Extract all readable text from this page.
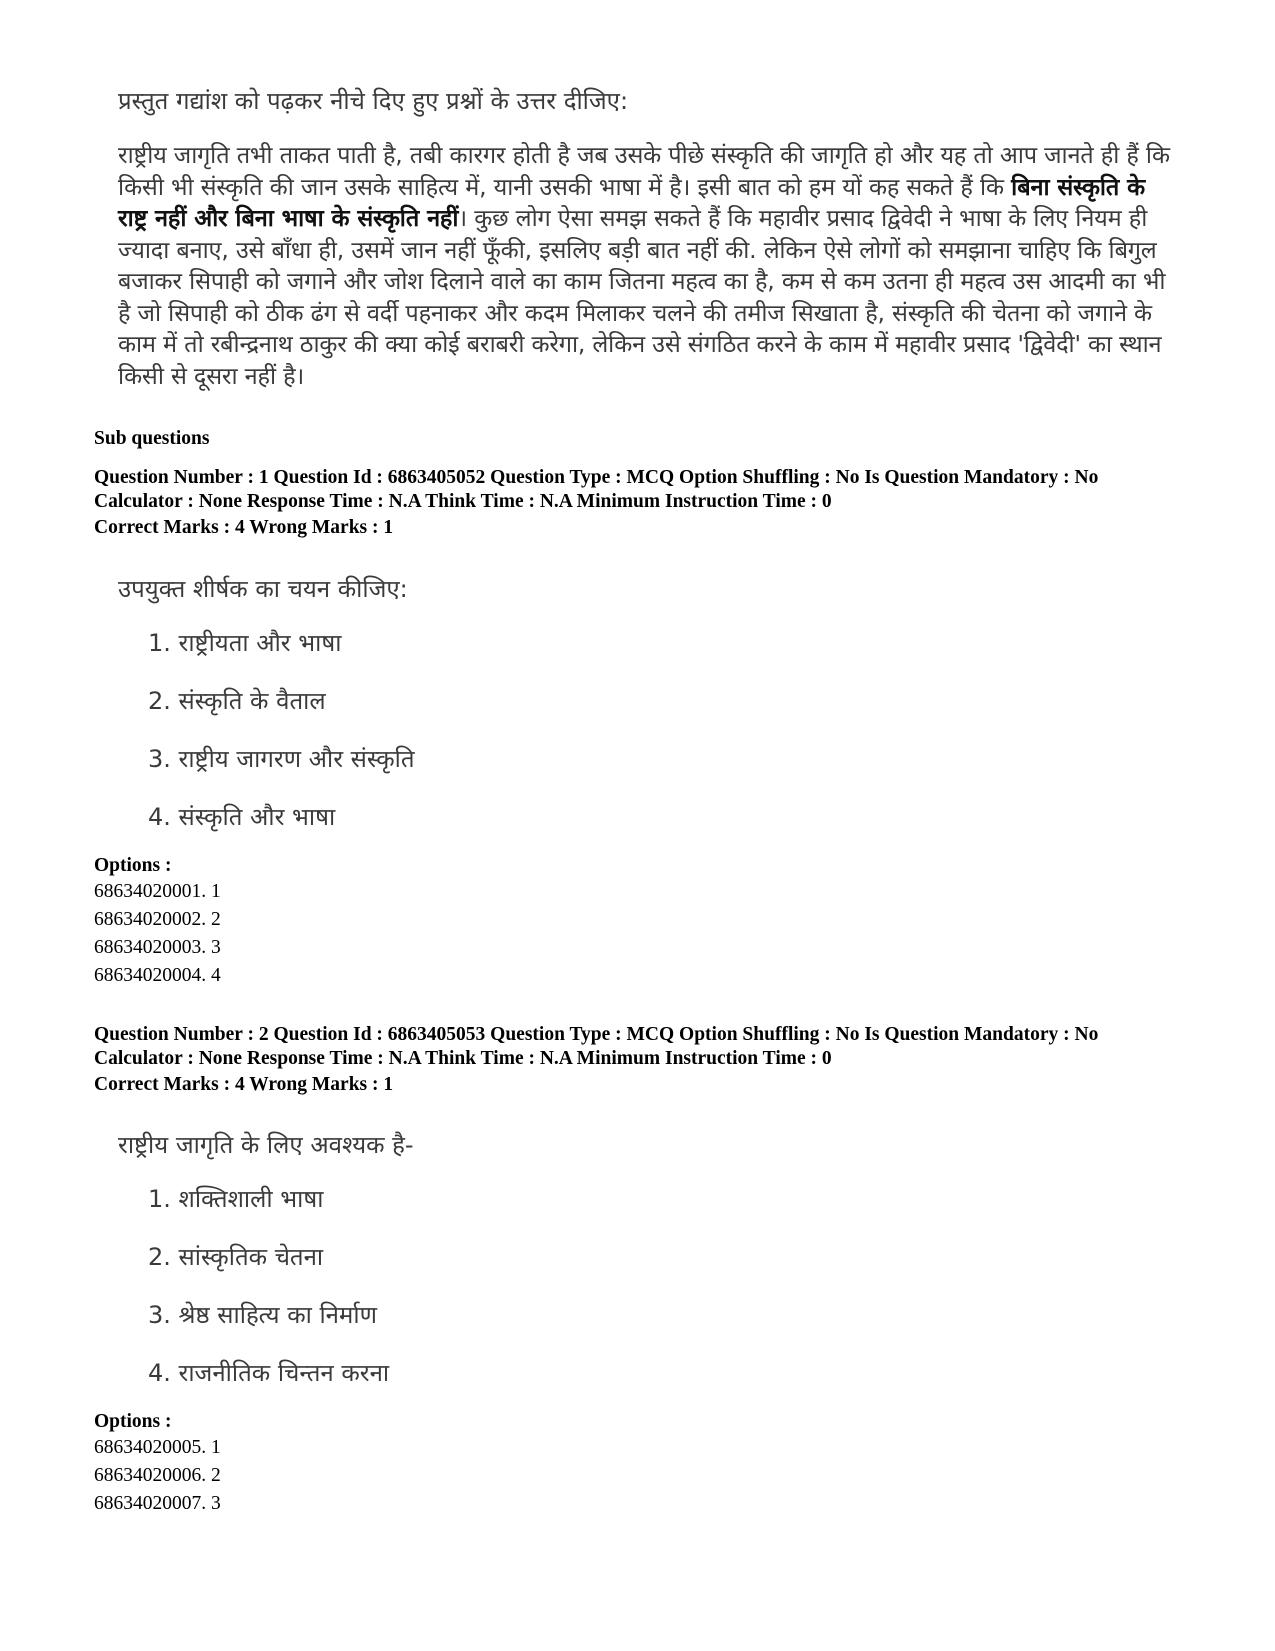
प्रस्तुत गद्यांश को पढ़कर नीचे दिए हुए प्रश्नों के उत्तर दीजिए:
राष्ट्रीय जागृति तभी ताकत पाती है, तबी कारगर होती है जब उसके पीछे संस्कृति की जागृति हो और यह तो आप जानते ही हैं कि किसी भी संस्कृति की जान उसके साहित्य में, यानी उसकी भाषा में है। इसी बात को हम यों कह सकते हैं कि बिना संस्कृति के राष्ट्र नहीं और बिना भाषा के संस्कृति नहीं। कुछ लोग ऐसा समझ सकते हैं कि महावीर प्रसाद द्विवेदी ने भाषा के लिए नियम ही ज्यादा बनाए, उसे बाँधा ही, उसमें जान नहीं फूँकी, इसलिए बड़ी बात नहीं की. लेकिन ऐसे लोगों को समझाना चाहिए कि बिगुल बजाकर सिपाही को जगाने और जोश दिलाने वाले का काम जितना महत्व का है, कम से कम उतना ही महत्व उस आदमी का भी है जो सिपाही को ठीक ढंग से वर्दी पहनाकर और कदम मिलाकर चलने की तमीज सिखाता है, संस्कृति की चेतना को जगाने के काम में तो रबीन्द्रनाथ ठाकुर की क्या कोई बराबरी करेगा, लेकिन उसे संगठित करने के काम में महावीर प्रसाद 'द्विवेदी' का स्थान किसी से दूसरा नहीं है।
Sub questions
Question Number : 1 Question Id : 6863405052 Question Type : MCQ Option Shuffling : No Is Question Mandatory : No
Calculator : None Response Time : N.A Think Time : N.A Minimum Instruction Time : 0
Correct Marks : 4 Wrong Marks : 1
उपयुक्त शीर्षक का चयन कीजिए:
1. राष्ट्रीयता और भाषा
2. संस्कृति के वैताल
3. राष्ट्रीय जागरण और संस्कृति
4. संस्कृति और भाषा
Options :
68634020001. 1
68634020002. 2
68634020003. 3
68634020004. 4
Question Number : 2 Question Id : 6863405053 Question Type : MCQ Option Shuffling : No Is Question Mandatory : No
Calculator : None Response Time : N.A Think Time : N.A Minimum Instruction Time : 0
Correct Marks : 4 Wrong Marks : 1
राष्ट्रीय जागृति के लिए अवश्यक है-
1. शक्तिशाली भाषा
2. सांस्कृतिक चेतना
3. श्रेष्ठ साहित्य का निर्माण
4. राजनीतिक चिन्तन करना
Options :
68634020005. 1
68634020006. 2
68634020007. 3
